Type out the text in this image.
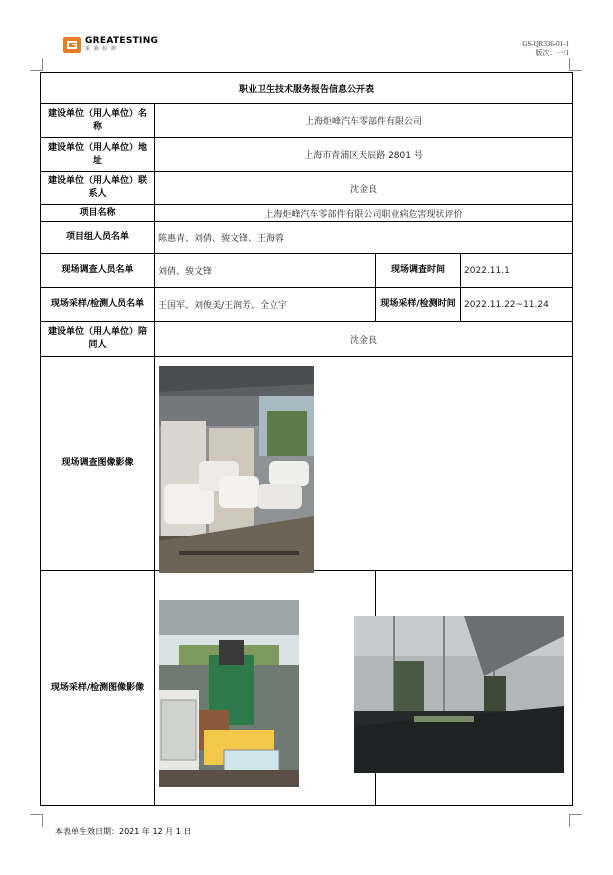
GREATESTING
重 测 检 测
GS-QR336-01-1
版次：一/1
职业卫生技术服务报告信息公开表			
建设单位（用人单位）名称	上海炬峰汽车零部件有限公司		
建设单位（用人单位）地址	上海市青浦区天辰路 2801 号		
建设单位（用人单位）联系人	沈金良		
项目名称	上海炬峰汽车零部件有限公司职业病危害现状评价		
项目组人员名单	陈惠青、刘倩、骏文锋、王海蓉		
现场调查人员名单	刘倩、骏文锋	现场调查时间	2022.11.1
现场采样/检测人员名单	王国军、刘俊美/王润芳、全立宇	现场采样/检测时间	2022.11.22~11.24
建设单位（用人单位）陪同人	沈金良		
现场调查图像影像			
现场采样/检测图像影像			
本表单生效日期：2021 年 12 月 1 日
